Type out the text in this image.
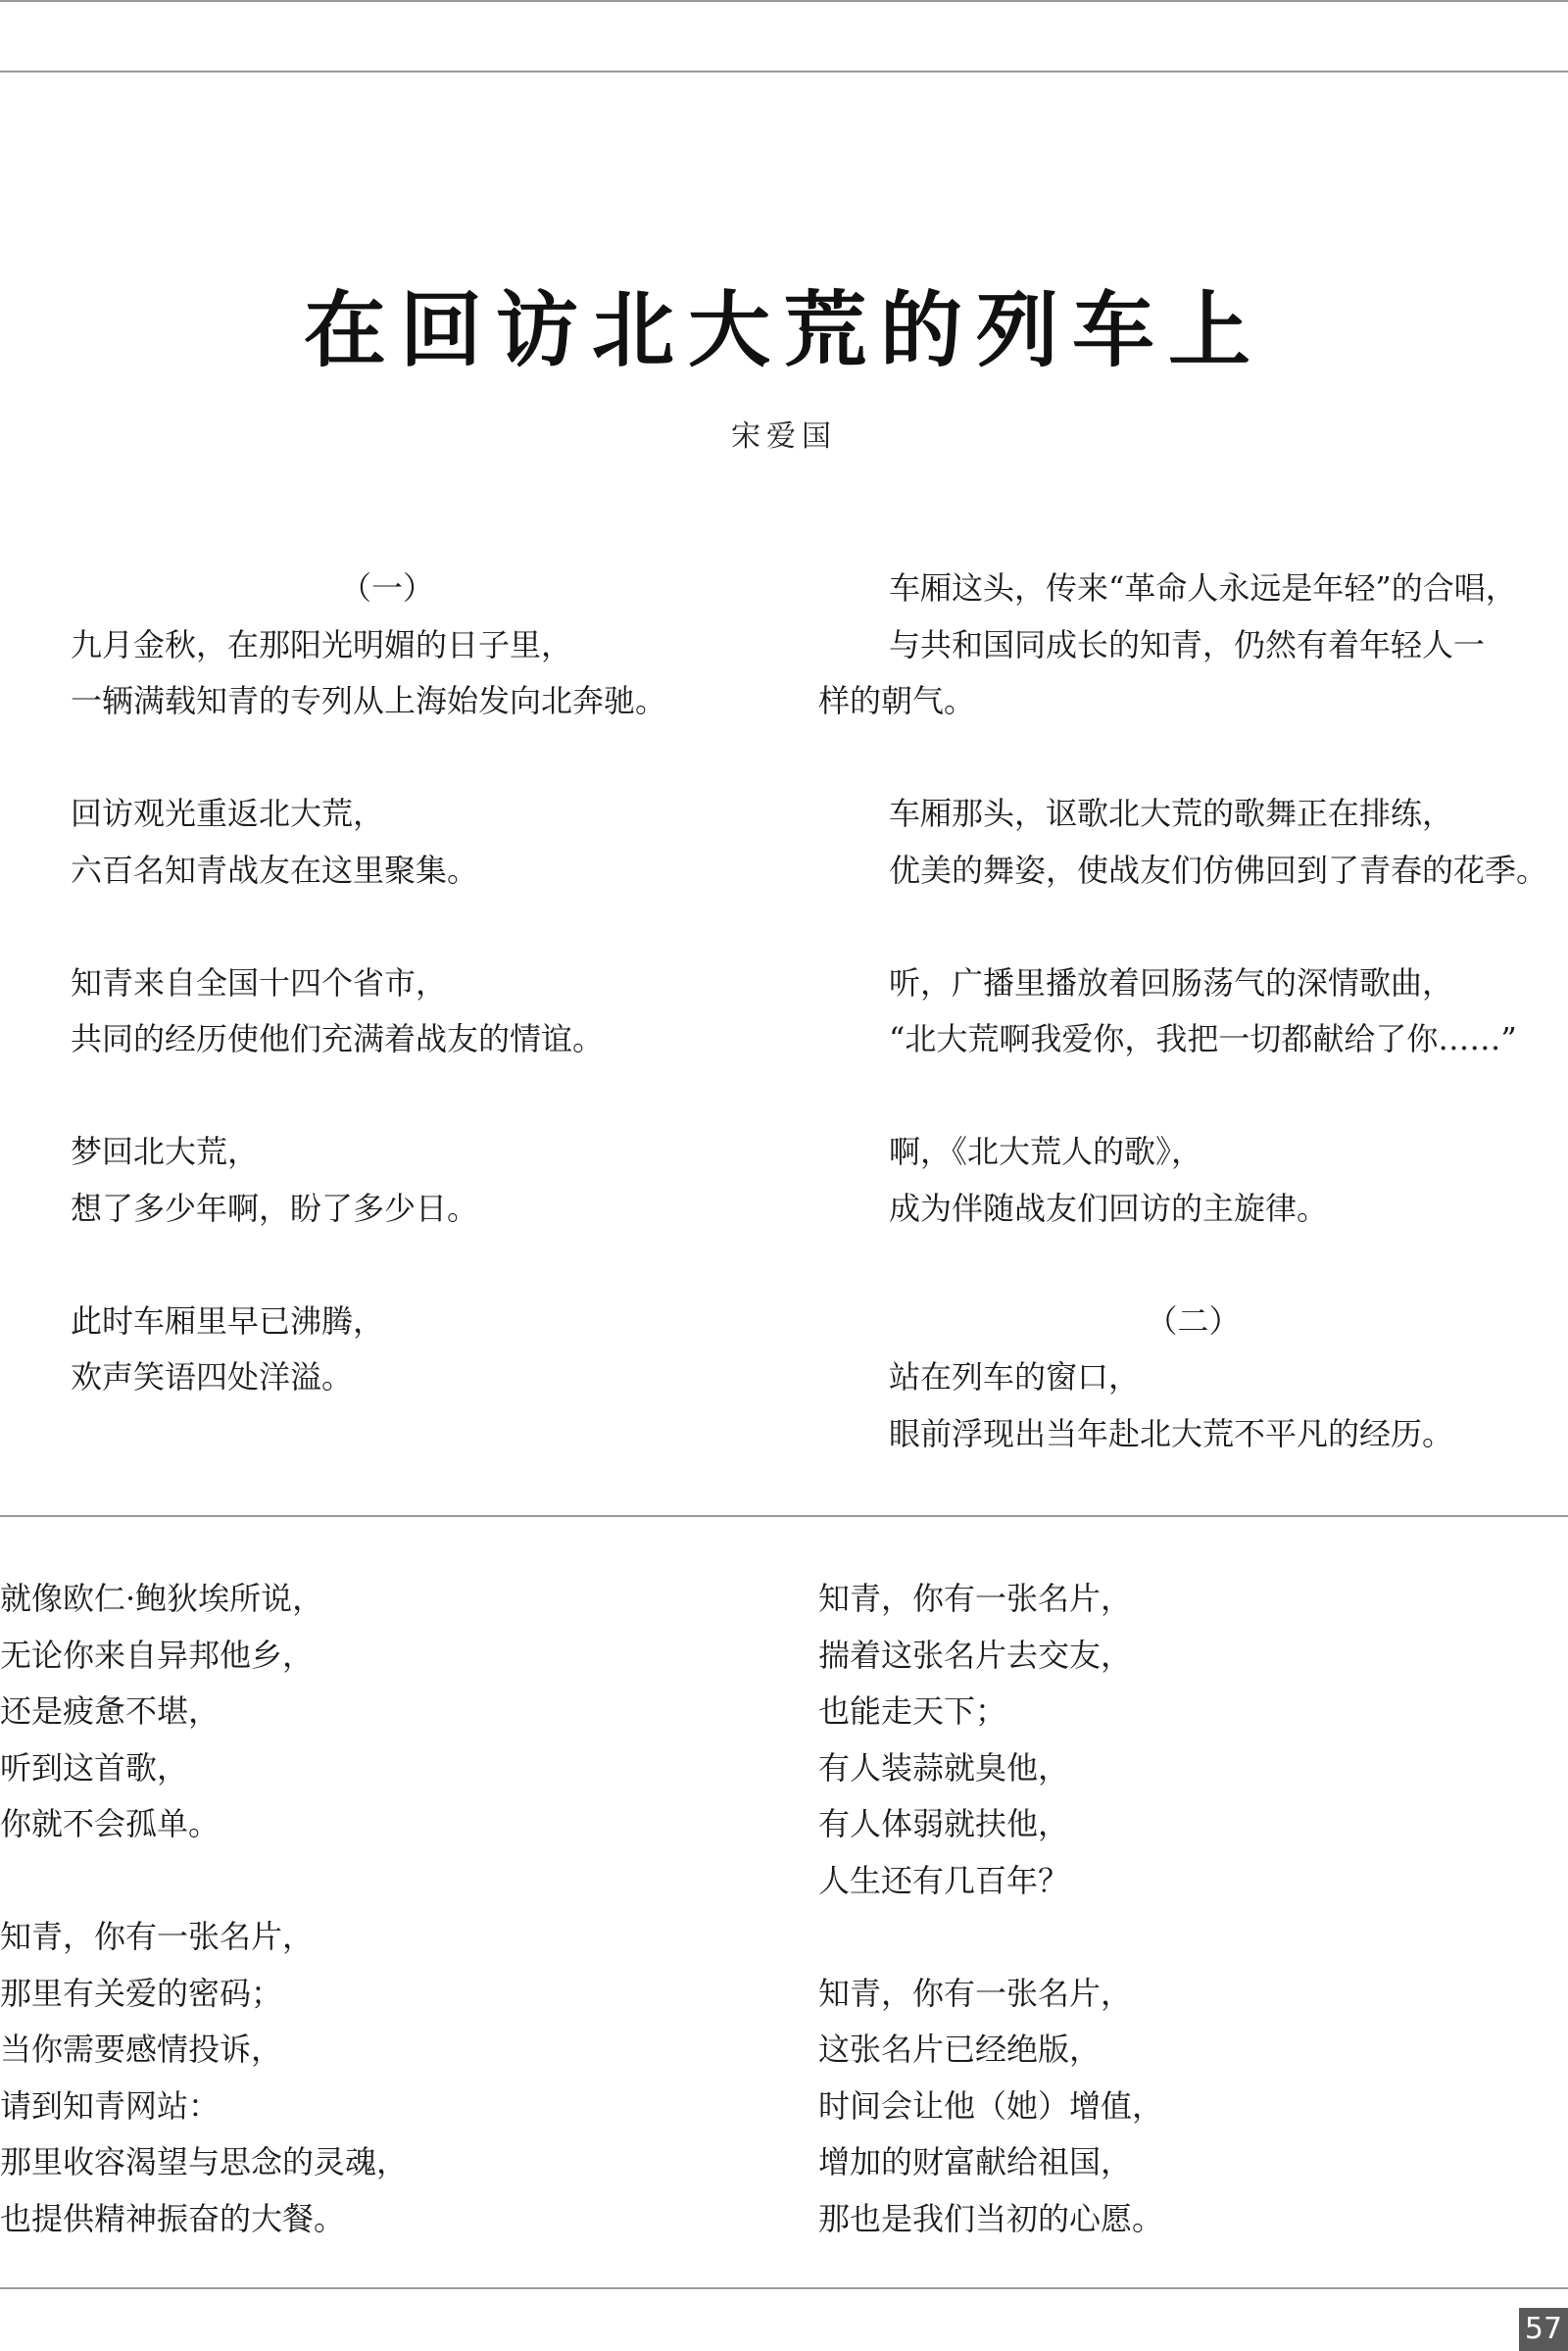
在回访北大荒的列车上
宋爱国
（一）
九月金秋，在那阳光明媚的日子里，
一辆满载知青的专列从上海始发向北奔驰。
回访观光重返北大荒，
六百名知青战友在这里聚集。
知青来自全国十四个省市，
共同的经历使他们充满着战友的情谊。
梦回北大荒，
想了多少年啊，盼了多少日。
此时车厢里早已沸腾，
欢声笑语四处洋溢。
车厢这头，传来“革命人永远是年轻”的合唱，
与共和国同成长的知青，仍然有着年轻人一
样的朝气。
车厢那头，讴歌北大荒的歌舞正在排练，
优美的舞姿，使战友们仿佛回到了青春的花季。
听，广播里播放着回肠荡气的深情歌曲，
“北大荒啊我爱你，我把一切都献给了你……”
啊，《北大荒人的歌》，
成为伴随战友们回访的主旋律。
（二）
站在列车的窗口，
眼前浮现出当年赴北大荒不平凡的经历。
就像欧仁·鲍狄埃所说，
无论你来自异邦他乡，
还是疲惫不堪，
听到这首歌，
你就不会孤单。
知青，你有一张名片，
那里有关爱的密码；
当你需要感情投诉，
请到知青网站：
那里收容渴望与思念的灵魂，
也提供精神振奋的大餐。
知青，你有一张名片，
揣着这张名片去交友，
也能走天下；
有人装蒜就臭他，
有人体弱就扶他，
人生还有几百年？
知青，你有一张名片，
这张名片已经绝版，
时间会让他（她）增值，
增加的财富献给祖国，
那也是我们当初的心愿。
57
